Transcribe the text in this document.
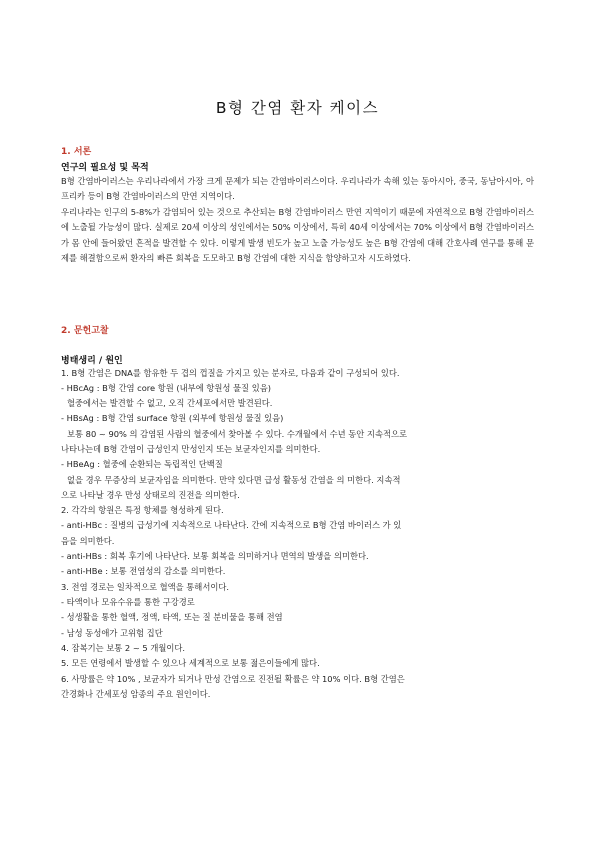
B형 간염 환자 케이스
1. 서론
연구의 필요성 및 목적
B형 간염바이러스는 우리나라에서 가장 크게 문제가 되는 간염바이러스이다. 우리나라가 속해 있는 동아시아, 중국, 동남아시아, 아프리카 등이 B형 간염바이러스의 만연 지역이다.
우리나라는 인구의 5-8%가 감염되어 있는 것으로 추산되는 B형 간염바이러스 만연 지역이기 때문에 자연적으로 B형 간염바이러스에 노출될 가능성이 많다. 실제로 20세 이상의 성인에서는 50% 이상에서, 특히 40세 이상에서는 70% 이상에서 B형 간염바이러스가 몸 안에 들어왔던 흔적을 발견할 수 있다. 이렇게 발생 빈도가 높고 노출 가능성도 높은 B형 간염에 대해 간호사례 연구를 통해 문제를 해결함으로써 환자의 빠른 회복을 도모하고 B형 간염에 대한 지식을 함양하고자 시도하였다.
2. 문헌고찰
병태생리 / 원인
1. B형 간염은 DNA를 함유한 두 겹의 껍질을 가지고 있는 분자로, 다음과 같이 구성되어 있다.
- HBcAg : B형 간염 core 항원 (내부에 항원성 물질 있음)
혈중에서는 발견할 수 없고, 오직 간세포에서만 발견된다.
- HBsAg : B형 간염 surface 항원 (외부에 항원성 물질 있음)
보통 80 ~ 90% 의 감염된 사람의 혈중에서 찾아볼 수 있다. 수개월에서 수년 동안 지속적으로
나타나는데 B형 간염이 급성인지 만성인지 또는 보균자인지를 의미한다.
- HBeAg : 혈중에 순환되는 독립적인 단백질
없을 경우 무증상의 보균자임을 의미한다. 만약 있다면 급성 활동성 간염을 의 미한다. 지속적
으로 나타날 경우 만성 상태로의 진전을 의미한다.
2. 각각의 항원은 특정 항체를 형성하게 된다.
- anti-HBc : 질병의 급성기에 지속적으로 나타난다. 간에 지속적으로 B형 간염 바이러스 가 있
음을 의미한다.
- anti-HBs : 회복 후기에 나타난다. 보통 회복을 의미하거나 면역의 발생을 의미한다.
- anti-HBe : 보통 전염성의 감소를 의미한다.
3. 전염 경로는 일차적으로 혈액을 통해서이다.
- 타액이나 모유수유를 통한 구강경로
- 성생활을 통한 혈액, 정액, 타액, 또는 질 분비물을 통해 전염
- 남성 동성애가 고위험 집단
4. 잠복기는 보통 2 ~ 5 개월이다.
5. 모든 연령에서 발생할 수 있으나 세계적으로 보통 젊은이들에게 많다.
6. 사망률은 약 10% , 보균자가 되거나 만성 간염으로 진전될 확률은 약 10% 이다. B형 간염은
간경화나 간세포성 암종의 주요 원인이다.
